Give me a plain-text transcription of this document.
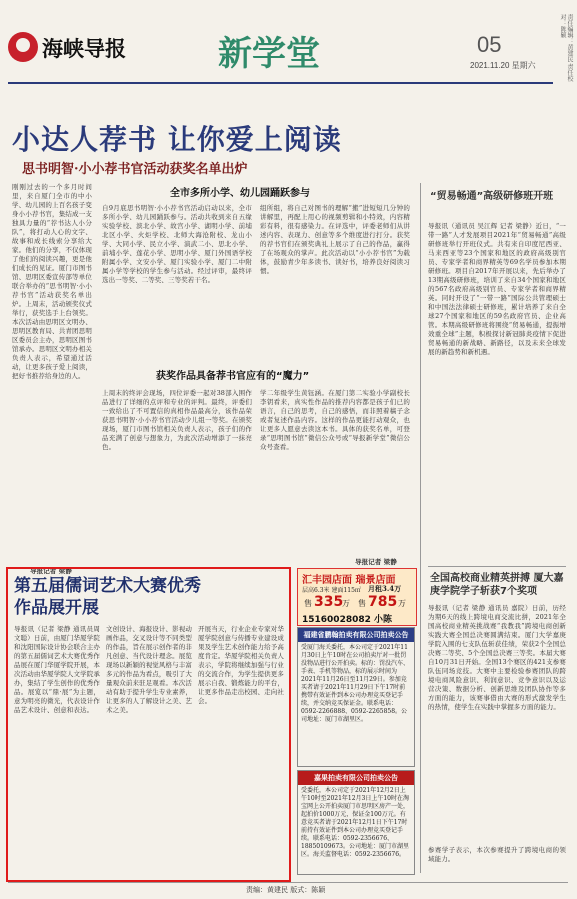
海峡导报	新学堂	05
2021.11.20 星期六	责任编辑：黄建民 责任校对：陈颖
小达人荐书 让你爱上阅读
思书明智·小小荐书官活动获奖名单出炉
刚刚过去的一个多月时间里，来自厦门全市的中小学、幼儿园的上百名孩子变身小小荐书官，集结成一支独具力量的“荐书达人小分队”，将打动人心的文字、故事和成长线索分享给大家。他们的分享，不仅体现了他们的阅读兴趣，更是他们成长的见证。厦门市图书馆、思明区委宣传部等单位联合举办的“思书明智·小小荐书官”活动获奖名单出炉。上周末，活动颁奖仪式举行，获奖选手上台领奖。本次活动由思明区文明办、思明区教育局、共青团思明区委员会主办，思明区图书馆承办。思明区文明办相关负责人表示，希望通过活动，让更多孩子爱上阅读，把好书推荐给身边的人。
导报记者 梁静
全市多所小学、幼儿园踊跃参与
自9月底思书明智·小小荐书官活动启动以来，全市多所小学、幼儿园踊跃参与。活动共收到来自五缘实验学校、滨北小学、故宫小学、湖明小学、前埔北区小学、火炬学校、北师大海沧附校、龙山小学、大同小学、民立小学、演武二小、思北小学、前埔小学、莲花小学、思明小学、厦门外国语学校附属小学、文安小学、厦门实验小学、厦门二中附属小学等学校的学生参与活动。经过评审，最终评选出一等奖、二等奖、三等奖若干名。
组所组，将自己对图书的理解“搬”进短短几分钟的讲解里，再配上用心的视频剪辑和小特效，内容精彩有料，很有感染力。在评选中，评委老师们从讲述内容、表现力、创意等多个维度进行打分。获奖的荐书官们在颁奖典礼上展示了自己的作品，赢得了在场观众的掌声。此次活动以“小小荐书官”为载体，鼓励青少年多读书、读好书，培养良好阅读习惯。
获奖作品具备荐书官应有的“魔力”
上周末的终评会现场，四位评委一起对38部入围作品进行了详细的点评和专业的评判。最终，评委们一致给出了不可置信的真相作品最高分，该作品荣获思书明智·小小荐书官活动少儿组一等奖。在颁奖现场，厦门市图书馆相关负责人表示，孩子们的作品充满了创意与想象力，为此次活动增添了一抹亮色。
学二年级学生黄钰涵。在厦门第二实验小学副校长李钥看来，真实性作品的推荐内容都是孩子们已的语言，自己的思考，自己的感悟，而非照着稿子念或者复述作品内容。这样的作品更能打动观众，也让更多人愿意去读这本书。具体的获奖名单，可登录“思明图书馆”微信公众号或“导报新学堂”微信公众号查看。
导报记者 梁静
“贸易畅通”高级研修班开班
导报讯（通讯员 吴江辉 记者 梁静）近日，“一带一路”人才发展项目2021年“贸易畅通”高级研修班举行开班仪式。共有来自印度尼西亚、马来西亚等23个国家和地区的政府高级别官员、专家学者和商界精英等69名学员参加本期研修班。项目自2017年开展以来，先后举办了13期高级研修班，培训了来自34个国家和地区的567名政府高级别官员、专家学者和商界精英。同时开设了“一带一路”国际公共管理硕士和中国法法律硕士研修班，累计培养了来自全球27个国家和地区的59名政府官员、企业高管。本期高级研修班将围绕“贸易畅通，提振增效重全球”主题，积极探讨新冠肺炎疫情下促进贸易畅通的新战略、新路径，以及未来全球发展的新趋势和新机遇。
全国高校商业精英拼搏 厦大嘉庚学院学子斩获7个奖项
导报讯（记者 梁静 通讯员 嘉院）日前，历经为期6天的线上跨境电商交流比拼，2021年全国高校商业精英挑战赛“我教我”跨境电商创新实践大赛全国总决赛圆满结束。厦门大学嘉庚学院入围的七支队伍斩获佳绩，荣获2个全国总决赛二等奖、5个全国总决赛三等奖。本届大赛自10月31日开始。全国13个赛区的421支参赛队伍同场竞技。大赛中主要检验参赛团队的跨境电商风险意识、利润意识、竞争意识以及运营决策、数据分析、创新思维及团队协作等多方面的能力，该赛事借由大赛的形式激发学生的热情，使学生在实践中掌握多方面的能力。
参赛学子表示，本次参赛提升了跨境电商的领域能力。
第五届儒词艺术大赛优秀作品展开展
导报讯（记者 梁静 通讯员周文聪）日前，由厦门华厦学院和沈阳国际设计协会联合主办的第五届儒词艺术大赛优秀作品展在厦门华厦学院开展，本次活动由华厦学院人文学院承办，集结了学生创作的优秀作品。展览以“鼎·展”为主题，意为明亮的微光，代表设计作品艺术设计、创意和表达。
文创设计、海报设计、影视动画作品，交叉设计等不同类型的作品，旨在展示创作者的非凡创意、当代设计理念。展览现场以新颖的视觉风格与丰富多元的作品为看点，吸引了大量观众前来驻足观看。本次活动有助于提升学生专业素养，让更多的人了解设计之美、艺术之美。
开展当天，行业企业专家对华厦学院创意与传播专业建设成果及学生艺术创作能力给予高度肯定。华厦学院相关负责人表示，学院将继续加强与行业的交流合作，为学生提供更多展示自我、锻炼能力的平台，让更多作品走出校园、走向社会。
汇丰园店面 瑞景店面
层高6.3米 建面115㎡ 月租3.4万
售 335
万 售 785 万
15160028082 小陈
福建省鹏翰拍卖有限公司拍卖公告
受厦门海关委托，本公司定于2021年11月30日上午10时在公司拍卖厅对一批罚没物品进行公开拍卖。标的：罚没汽车、手表、手机等物品，标的展示时间为2021年11月26日至11月29日。参加竞买者请于2021年11月29日下午17时前携带有效证件到本公司办理竞买登记手续，并交纳竞买保证金。联系电话：0592-2266888、0592-2265858。公司地址：厦门市湖里区。
嘉果拍卖有限公司拍卖公告
受委托，本公司定于2021年12月2日上午10时至2021年12月3日上午10时在淘宝网上公开拍卖厦门市思明区房产一处，起拍价1000万元，保证金100万元。有意竞买者请于2021年12月1日下午17时前持有效证件到本公司办理竞买登记手续。联系电话：0592-2356676、18850109673。公司地址：厦门市湖里区。海关监督电话：0592-2356676。
责编：黄建民 版式：陈颖
